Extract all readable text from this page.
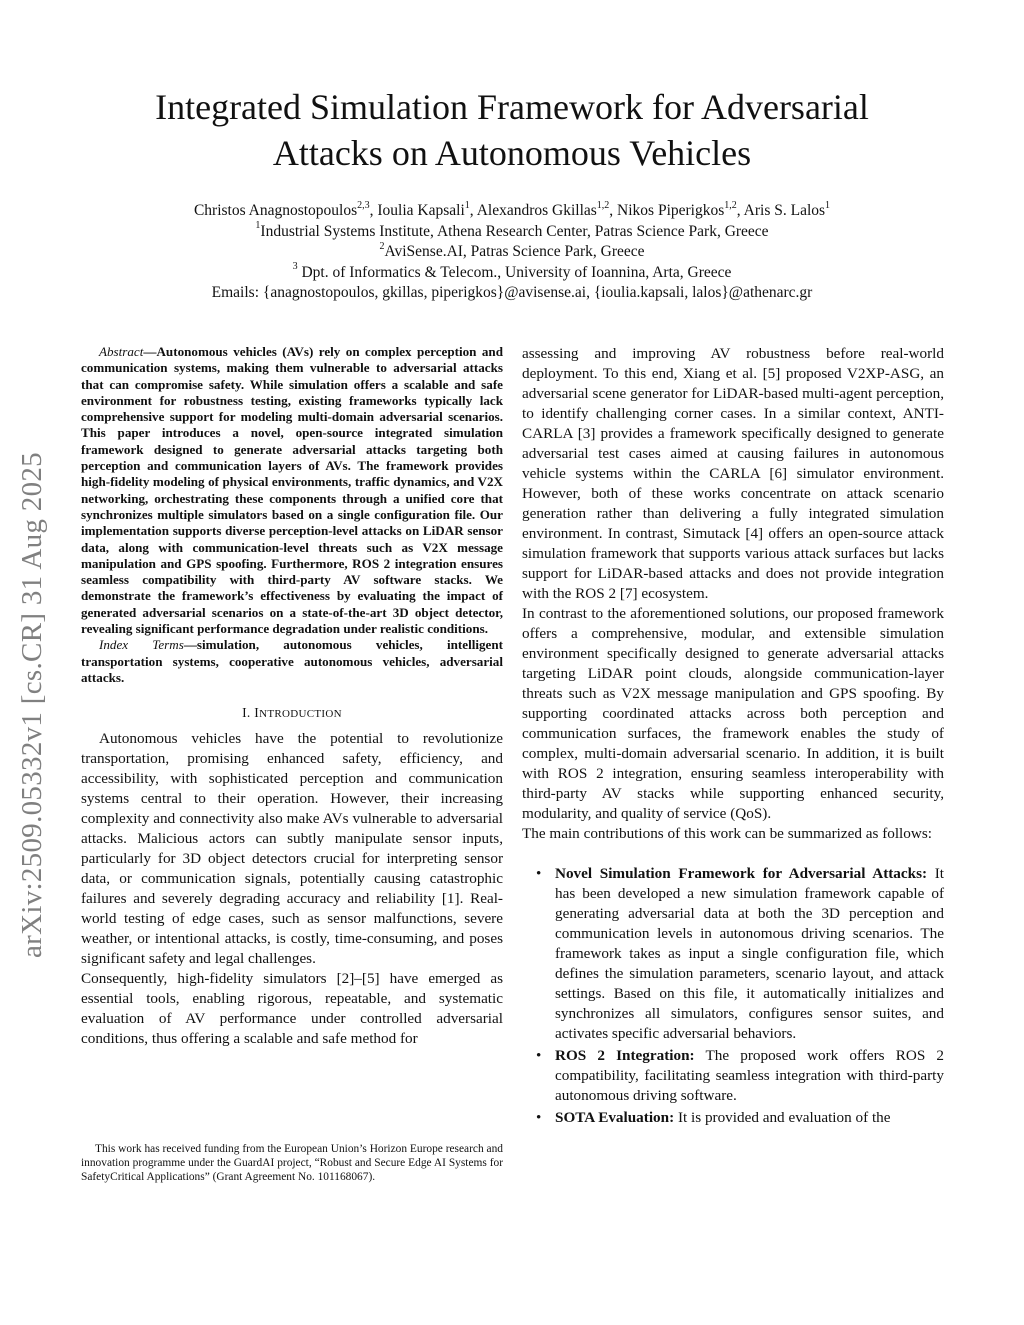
arXiv:2509.05332v1 [cs.CR] 31 Aug 2025
Integrated Simulation Framework for Adversarial
Attacks on Autonomous Vehicles
Christos Anagnostopoulos$^{2,3}$, Ioulia Kapsali$^1$, Alexandros Gkillas$^{1,2}$, Nikos Piperigkos$^{1,2}$, Aris S. Lalos$^1$
$^1$Industrial Systems Institute, Athena Research Center, Patras Science Park, Greece
$^2$AviSense.AI, Patras Science Park, Greece
$^3$ Dpt. of Informatics & Telecom., University of Ioannina, Arta, Greece
Emails: {anagnostopoulos, gkillas, piperigkos}@avisense.ai, {ioulia.kapsali, lalos}@athenarc.gr

Abstract—Autonomous vehicles (AVs) rely on complex perception and communication systems, making them vulnerable to adversarial attacks that can compromise safety. While simulation offers a scalable and safe environment for robustness testing, existing frameworks typically lack comprehensive support for modeling multi-domain adversarial scenarios. This paper introduces a novel, open-source integrated simulation framework designed to generate adversarial attacks targeting both perception and communication layers of AVs. The framework provides high-fidelity modeling of physical environments, traffic dynamics, and V2X networking, orchestrating these components through a unified core that synchronizes multiple simulators based on a single configuration file. Our implementation supports diverse perception-level attacks on LiDAR sensor data, along with communication-level threats such as V2X message manipulation and GPS spoofing. Furthermore, ROS 2 integration ensures seamless compatibility with third-party AV software stacks. We demonstrate the framework’s effectiveness by evaluating the impact of generated adversarial scenarios on a state-of-the-art 3D object detector, revealing significant performance degradation under realistic conditions.

Index Terms—simulation, autonomous vehicles, intelligent transportation systems, cooperative autonomous vehicles, adversarial attacks.

I. INTRODUCTION

Autonomous vehicles have the potential to revolutionize transportation, promising enhanced safety, efficiency, and accessibility, with sophisticated perception and communication systems central to their operation. However, their increasing complexity and connectivity also make AVs vulnerable to adversarial attacks. Malicious actors can subtly manipulate sensor inputs, particularly for 3D object detectors crucial for interpreting sensor data, or communication signals, potentially causing catastrophic failures and severely degrading accuracy and reliability [1]. Real-world testing of edge cases, such as sensor malfunctions, severe weather, or intentional attacks, is costly, time-consuming, and poses significant safety and legal challenges.

Consequently, high-fidelity simulators [2]–[5] have emerged as essential tools, enabling rigorous, repeatable, and systematic evaluation of AV performance under controlled adversarial conditions, thus offering a scalable and safe method for

This work has received funding from the European Union’s Horizon Europe research and innovation programme under the GuardAI project, “Robust and Secure Edge AI Systems for SafetyCritical Applications” (Grant Agreement No. 101168067).

assessing and improving AV robustness before real-world deployment. To this end, Xiang et al. [5] proposed V2XP-ASG, an adversarial scene generator for LiDAR-based multi-agent perception, to identify challenging corner cases. In a similar context, ANTI-CARLA [3] provides a framework specifically designed to generate adversarial test cases aimed at causing failures in autonomous vehicle systems within the CARLA [6] simulator environment. However, both of these works concentrate on attack scenario generation rather than delivering a fully integrated simulation environment. In contrast, Simutack [4] offers an open-source attack simulation framework that supports various attack surfaces but lacks support for LiDAR-based attacks and does not provide integration with the ROS 2 [7] ecosystem.

In contrast to the aforementioned solutions, our proposed framework offers a comprehensive, modular, and extensible simulation environment specifically designed to generate adversarial attacks targeting LiDAR point clouds, alongside communication-layer threats such as V2X message manipulation and GPS spoofing. By supporting coordinated attacks across both perception and communication surfaces, the framework enables the study of complex, multi-domain adversarial scenario. In addition, it is built with ROS 2 integration, ensuring seamless interoperability with third-party AV stacks while supporting enhanced security, modularity, and quality of service (QoS).

The main contributions of this work can be summarized as follows:

• Novel Simulation Framework for Adversarial Attacks: It has been developed a new simulation framework capable of generating adversarial data at both the 3D perception and communication levels in autonomous driving scenarios. The framework takes as input a single configuration file, which defines the simulation parameters, scenario layout, and attack settings. Based on this file, it automatically initializes and synchronizes all simulators, configures sensor suites, and activates specific adversarial behaviors.
• ROS 2 Integration: The proposed work offers ROS 2 compatibility, facilitating seamless integration with third-party autonomous driving software.
• SOTA Evaluation: It is provided and evaluation of the
